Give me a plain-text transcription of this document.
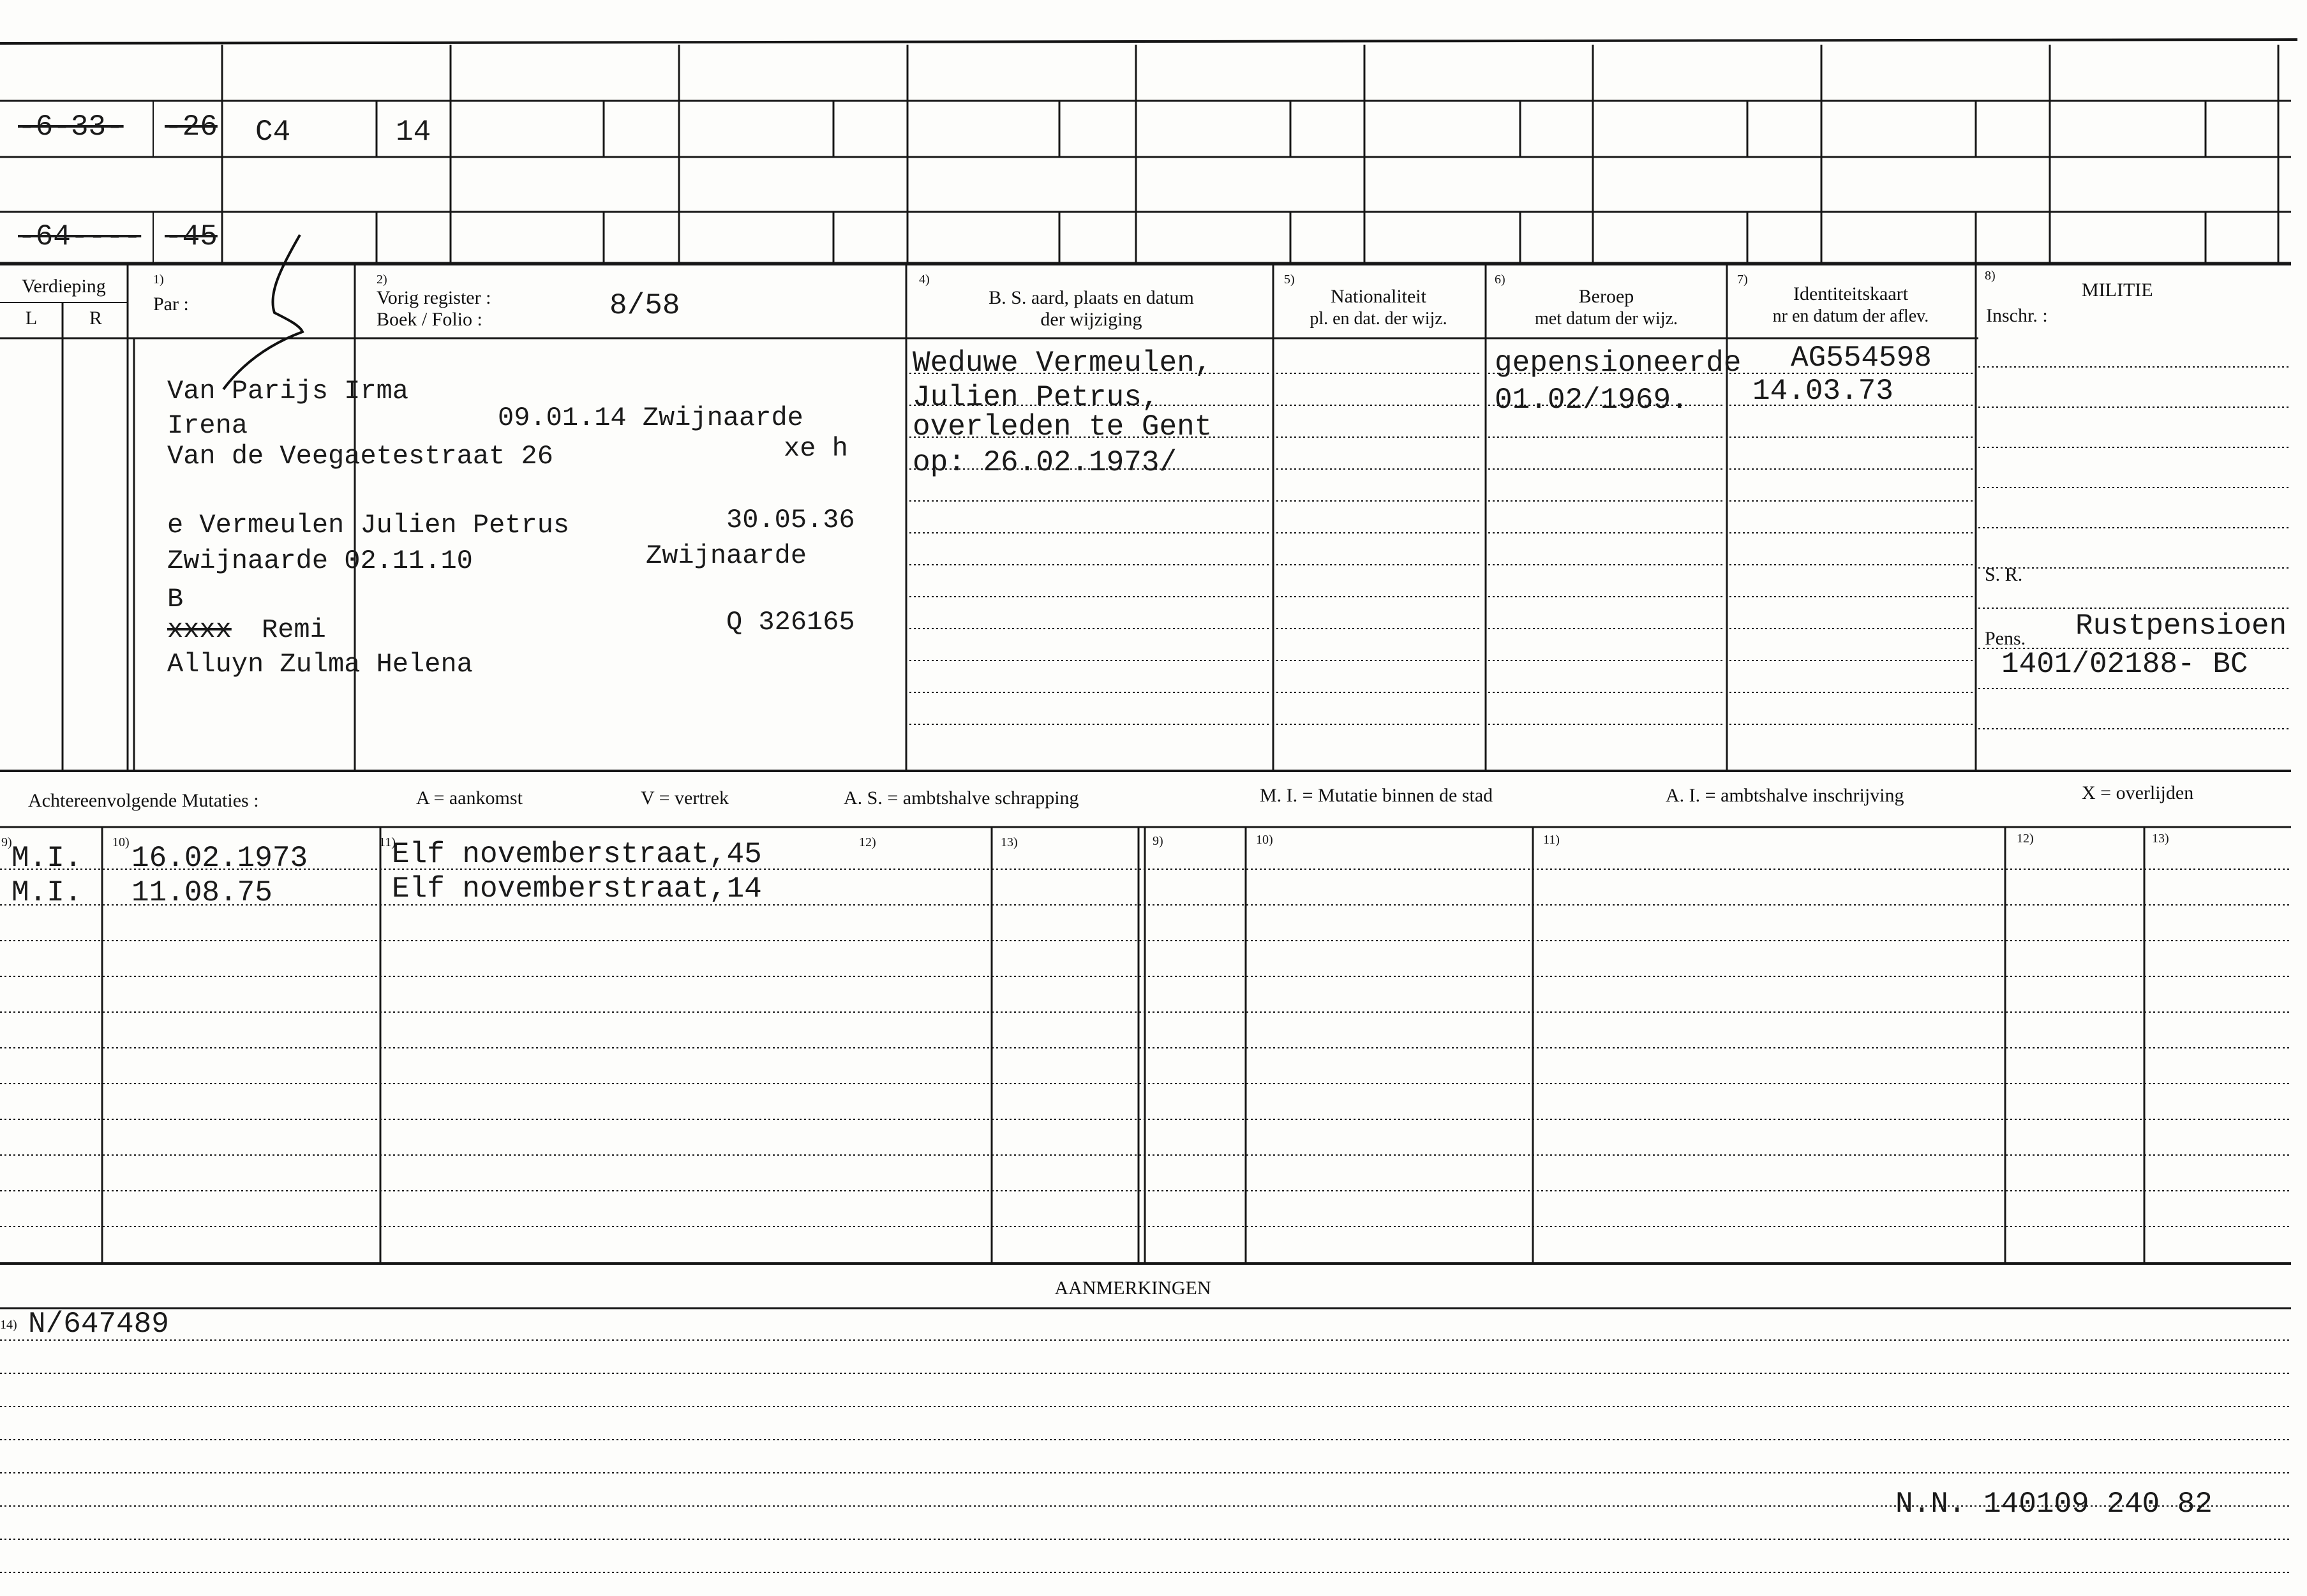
-6-33- -26 C4	14
-64---- -45
Verdieping
L	R
1)
Par :
2)
Vorig register :
Boek / Folio :	8/58
4)
B. S. aard, plaats en datum
der wijziging
5)
Nationaliteit
pl. en dat. der wijz.
6)
Beroep
met datum der wijz.
7)
Identiteitskaart
nr en datum der aflev.
8)
MILITIE
Inschr. :
Van Parijs Irma
Irena	09.01.14 Zwijnaarde
Van de Veegaetestraat 26	xe h
e Vermeulen Julien Petrus	30.05.36
Zwijnaarde 02.11.10	Zwijnaarde
B
xxxx Remi	Q 326165
Alluyn Zulma Helena
Weduwe Vermeulen,
Julien Petrus,
overleden te Gent
op: 26.02.1973/
gepensioneerde
01.02/1969.
AG554598
14.03.73
S. R.
Pens. Rustpensioen
1401/02188- BC
Achtereenvolgende Mutaties :	A = aankomst	V = vertrek	A. S. = ambtshalve schrapping	M. I. = Mutatie binnen de stad	A. I. = ambtshalve inschrijving	X = overlijden
9)	10)	11)	12)	13)	9)	10)	11)	12)	13)
M.I. 16.02.1973	Elf novemberstraat,45
M.I. 11.08.75	Elf novemberstraat,14
AANMERKINGEN
14) N/647489
N.N. 140109 240 82
